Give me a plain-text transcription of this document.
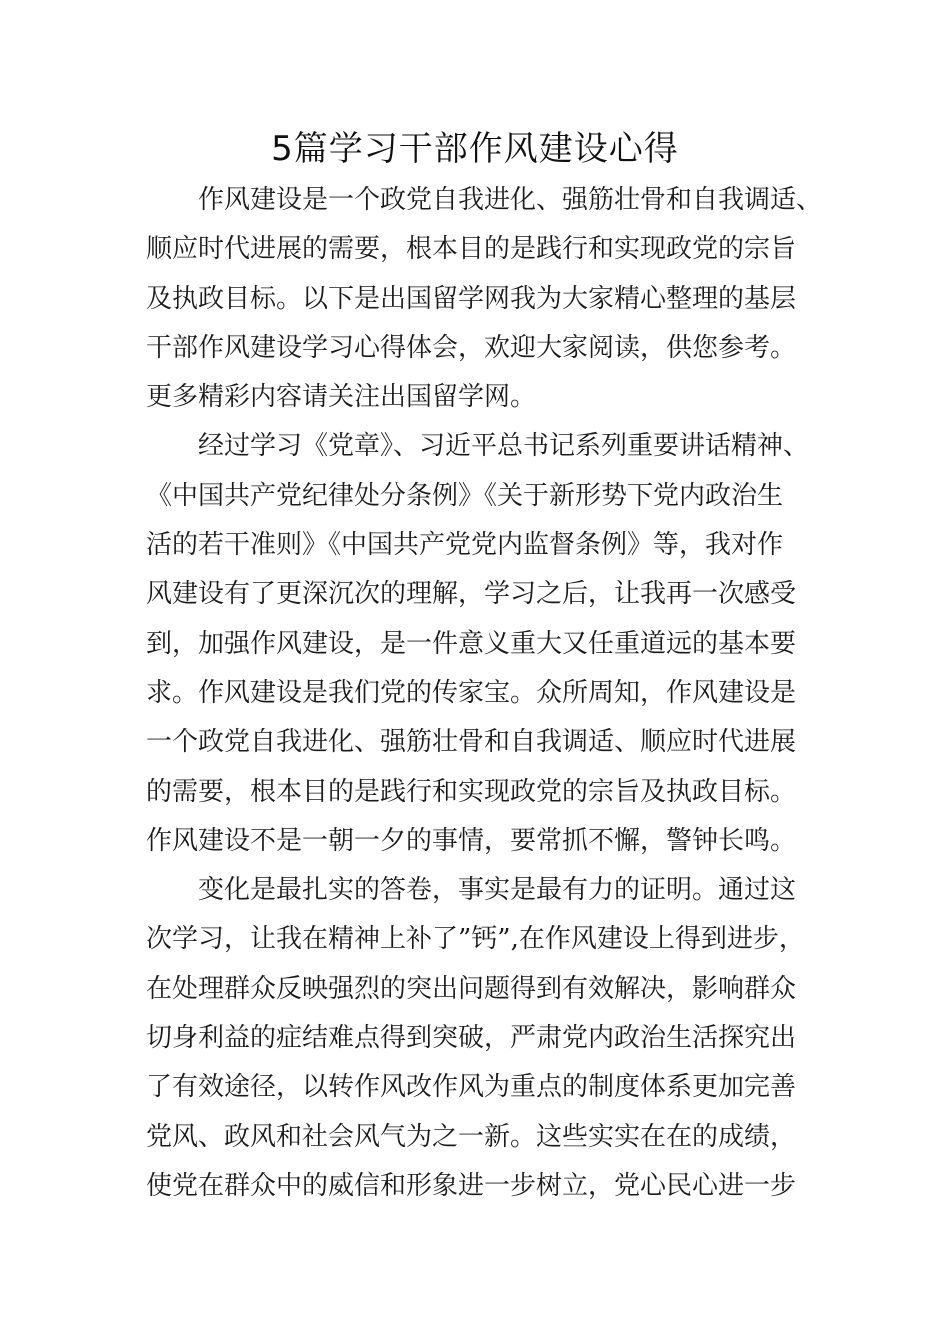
5篇学习干部作风建设心得
作风建设是一个政党自我进化、强筋壮骨和自我调适、
顺应时代进展的需要，根本目的是践行和实现政党的宗旨
及执政目标。以下是出国留学网我为大家精心整理的基层
干部作风建设学习心得体会，欢迎大家阅读，供您参考。
更多精彩内容请关注出国留学网。
经过学习《党章》、习近平总书记系列重要讲话精神、
《中国共产党纪律处分条例》《关于新形势下党内政治生
活的若干准则》《中国共产党党内监督条例》等，我对作
风建设有了更深沉次的理解，学习之后，让我再一次感受
到，加强作风建设，是一件意义重大又任重道远的基本要
求。作风建设是我们党的传家宝。众所周知，作风建设是
一个政党自我进化、强筋壮骨和自我调适、顺应时代进展
的需要，根本目的是践行和实现政党的宗旨及执政目标。
作风建设不是一朝一夕的事情，要常抓不懈，警钟长鸣。
变化是最扎实的答卷，事实是最有力的证明。通过这
次学习，让我在精神上补了”钙”,在作风建设上得到进步，
在处理群众反映强烈的突出问题得到有效解决，影响群众
切身利益的症结难点得到突破，严肃党内政治生活探究出
了有效途径，以转作风改作风为重点的制度体系更加完善
党风、政风和社会风气为之一新。这些实实在在的成绩，
使党在群众中的威信和形象进一步树立，党心民心进一步
